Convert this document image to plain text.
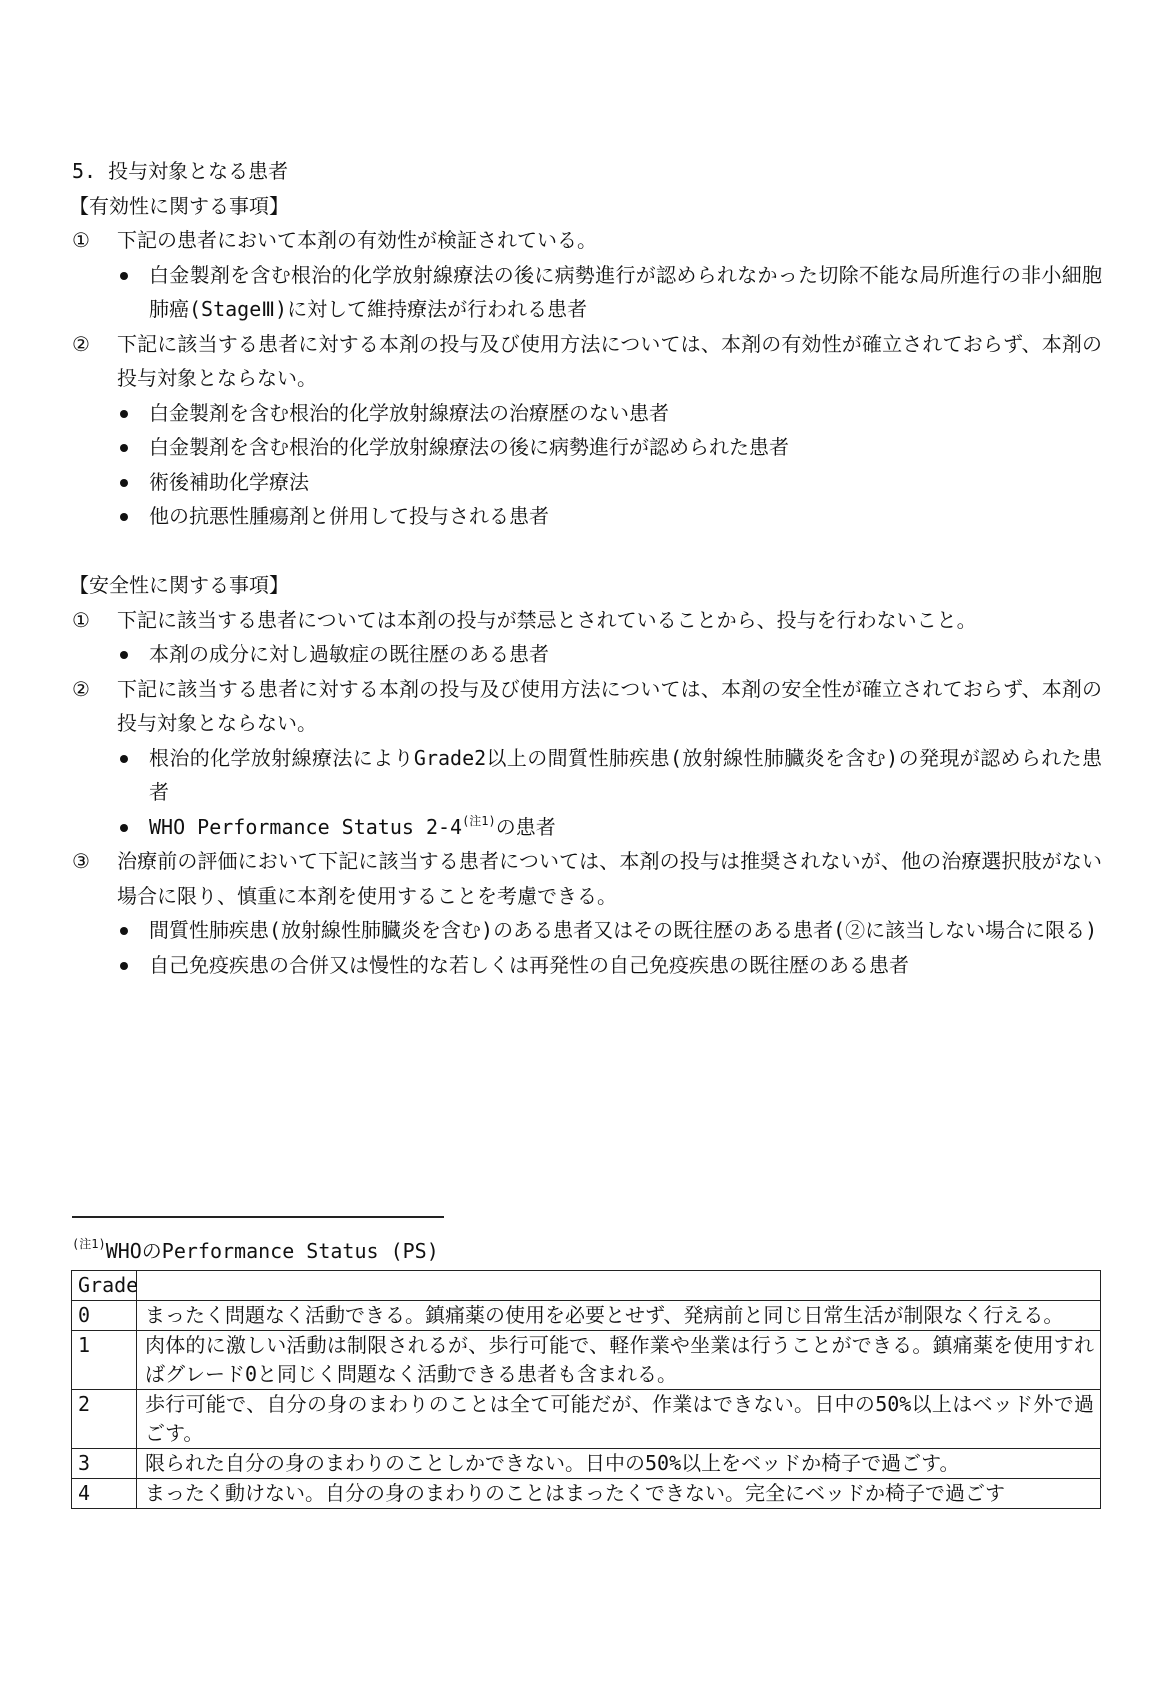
5. 投与対象となる患者
【有効性に関する事項】
① 下記の患者において本剤の有効性が検証されている。
白金製剤を含む根治的化学放射線療法の後に病勢進行が認められなかった切除不能な局所進行の非小細胞肺癌(StageⅢ)に対して維持療法が行われる患者
② 下記に該当する患者に対する本剤の投与及び使用方法については、本剤の有効性が確立されておらず、本剤の投与対象とならない。
白金製剤を含む根治的化学放射線療法の治療歴のない患者
白金製剤を含む根治的化学放射線療法の後に病勢進行が認められた患者
術後補助化学療法
他の抗悪性腫瘍剤と併用して投与される患者
【安全性に関する事項】
① 下記に該当する患者については本剤の投与が禁忌とされていることから、投与を行わないこと。
本剤の成分に対し過敏症の既往歴のある患者
② 下記に該当する患者に対する本剤の投与及び使用方法については、本剤の安全性が確立されておらず、本剤の投与対象とならない。
根治的化学放射線療法によりGrade2以上の間質性肺疾患(放射線性肺臓炎を含む)の発現が認められた患者
WHO Performance Status 2-4$^{(注1)}$の患者
③ 治療前の評価において下記に該当する患者については、本剤の投与は推奨されないが、他の治療選択肢がない場合に限り、慎重に本剤を使用することを考慮できる。
間質性肺疾患(放射線性肺臓炎を含む)のある患者又はその既往歴のある患者(②に該当しない場合に限る)
自己免疫疾患の合併又は慢性的な若しくは再発性の自己免疫疾患の既往歴のある患者
$^{(注1)}$WHOのPerformance Status (PS)
Grade	
0	まったく問題なく活動できる。鎮痛薬の使用を必要とせず、発病前と同じ日常生活が制限なく行える。
1	肉体的に激しい活動は制限されるが、歩行可能で、軽作業や坐業は行うことができる。鎮痛薬を使用すればグレード0と同じく問題なく活動できる患者も含まれる。
2	歩行可能で、自分の身のまわりのことは全て可能だが、作業はできない。日中の50%以上はベッド外で過ごす。
3	限られた自分の身のまわりのことしかできない。日中の50%以上をベッドか椅子で過ごす。
4	まったく動けない。自分の身のまわりのことはまったくできない。完全にベッドか椅子で過ごす
